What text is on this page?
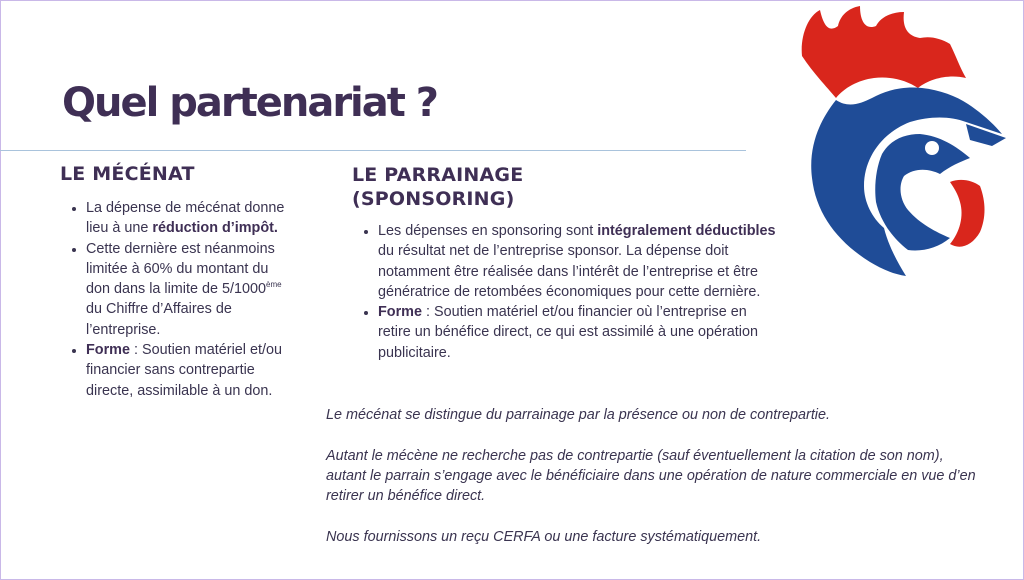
Quel partenariat ?
LE MÉCÉNAT
• La dépense de mécénat donne lieu à une réduction d’impôt.
• Cette dernière est néanmoins limitée à 60% du montant du don dans la limite de 5/1000ème du Chiffre d’Affaires de l’entreprise.
• Forme : Soutien matériel et/ou financier sans contrepartie directe, assimilable à un don.
LE PARRAINAGE
(SPONSORING)
• Les dépenses en sponsoring sont intégralement déductibles du résultat net de l’entreprise sponsor. La dépense doit notamment être réalisée dans l’intérêt de l’entreprise et être génératrice de retombées économiques pour cette dernière.
• Forme : Soutien matériel et/ou financier où l’entreprise en retire un bénéfice direct, ce qui est assimilé à une opération publicitaire.

Le mécénat se distingue du parrainage par la présence ou non de contrepartie.

Autant le mécène ne recherche pas de contrepartie (sauf éventuellement la citation de son nom), autant le parrain s’engage avec le bénéficiaire dans une opération de nature commerciale en vue d’en retirer un bénéfice direct.

Nous fournissons un reçu CERFA ou une facture systématiquement.
